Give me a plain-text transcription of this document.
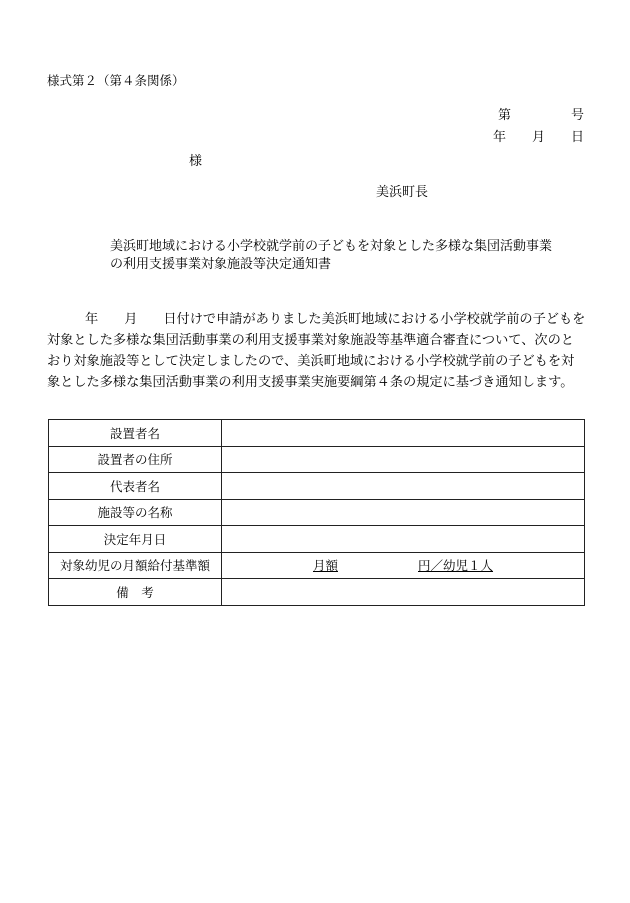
様式第２（第４条関係）
第	号
年 月 日
様
美浜町長
美浜町地域における小学校就学前の子どもを対象とした多様な集団活動事業
の利用支援事業対象施設等決定通知書
年 月 日付けで申請がありました美浜町地域における小学校就学前の子どもを対象とした多様な集団活動事業の利用支援事業対象施設等基準適合審査について、次のとおり対象施設等として決定しましたので、美浜町地域における小学校就学前の子どもを対象とした多様な集団活動事業の利用支援事業実施要綱第４条の規定に基づき通知します。
設置者名	
設置者の住所	
代表者名	
施設等の名称	
決定年月日	
対象幼児の月額給付基準額	月額 円／幼児１人
備　考	
